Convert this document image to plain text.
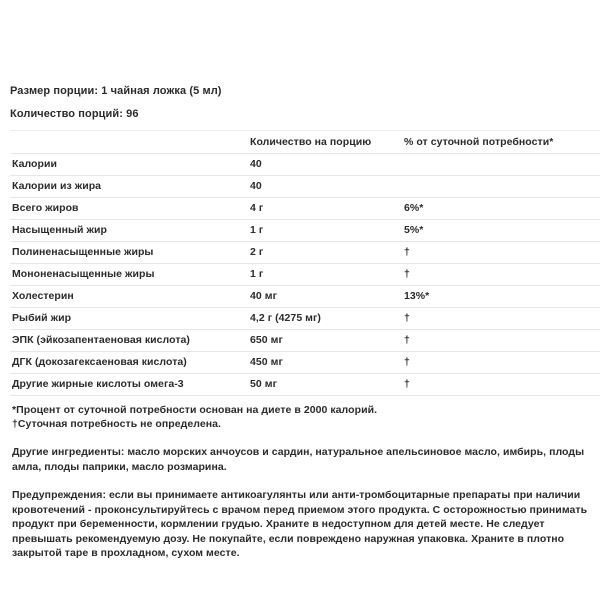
Размер порции: 1 чайная ложка (5 мл)
Количество порций: 96
	Количество на порцию	% от суточной потребности*
Калории	40	
Калории из жира	40	
Всего жиров	4 г	6%*
Насыщенный жир	1 г	5%*
Полиненасыщенные жиры	2 г	†
Мононенасыщенные жиры	1 г	†
Холестерин	40 мг	13%*
Рыбий жир	4,2 г (4275 мг)	†
ЭПК (эйкозапентаеновая кислота)	650 мг	†
ДГК (докозагексаеновая кислота)	450 мг	†
Другие жирные кислоты омега-3	50 мг	†
*Процент от суточной потребности основан на диете в 2000 калорий.
†Суточная потребность не определена.
Другие ингредиенты: масло морских анчоусов и сардин, натуральное апельсиновое масло, имбирь, плоды амла, плоды паприки, масло розмарина.
Предупреждения: если вы принимаете антикоагулянты или анти-тромбоцитарные препараты при наличии кровотечений - проконсультируйтесь с врачом перед приемом этого продукта. С осторожностью принимать продукт при беременности, кормлении грудью. Храните в недоступном для детей месте. Не следует превышать рекомендуемую дозу. Не покупайте, если повреждено наружная упаковка. Храните в плотно закрытой таре в прохладном, сухом месте.
